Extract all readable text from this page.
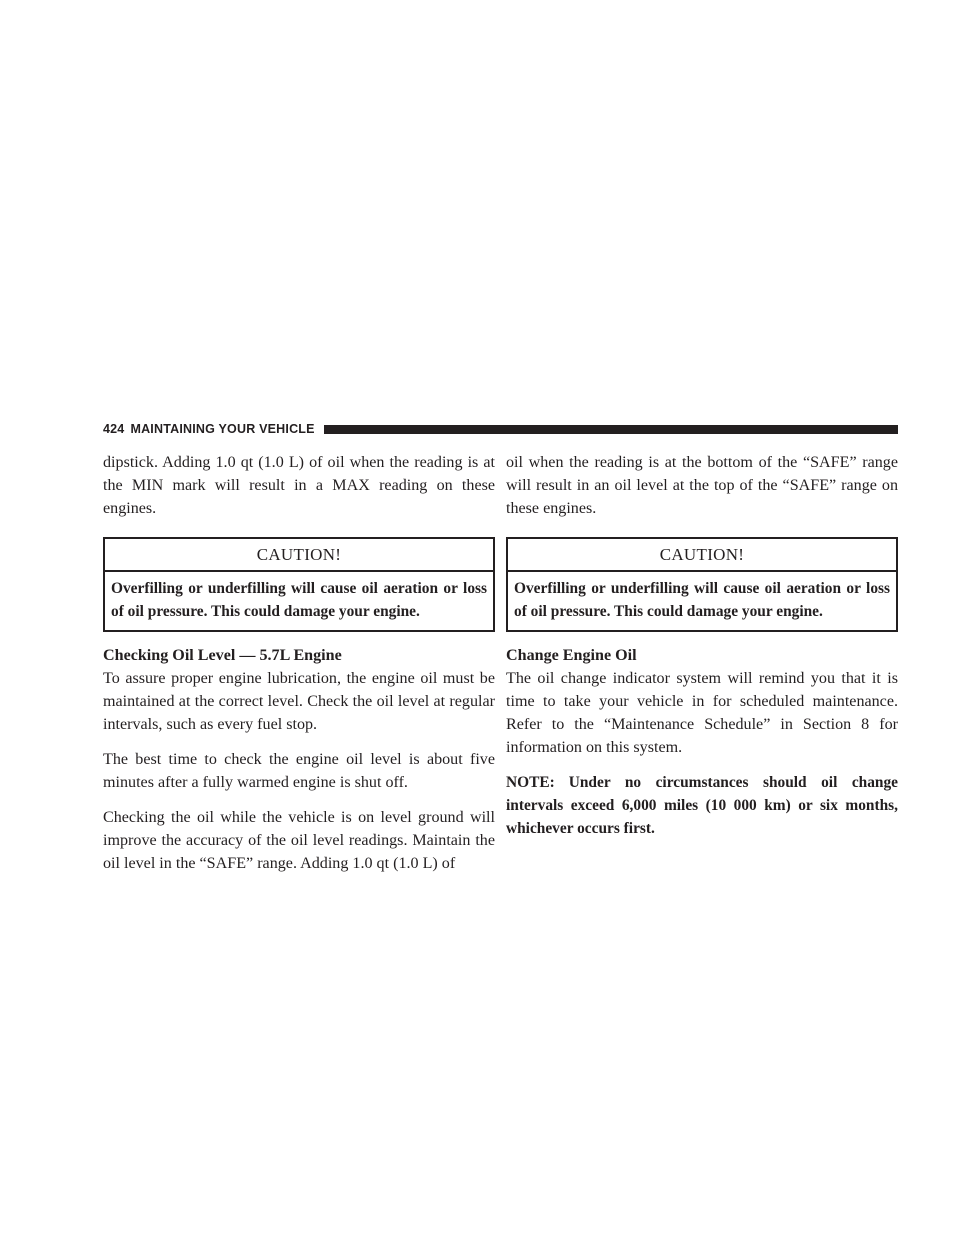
424 MAINTAINING YOUR VEHICLE

dipstick. Adding 1.0 qt (1.0 L) of oil when the reading is at the MIN mark will result in a MAX reading on these engines.

CAUTION!
Overfilling or underfilling will cause oil aeration or loss of oil pressure. This could damage your engine.
Checking Oil Level — 5.7L Engine

To assure proper engine lubrication, the engine oil must be maintained at the correct level. Check the oil level at regular intervals, such as every fuel stop.

The best time to check the engine oil level is about five minutes after a fully warmed engine is shut off.

Checking the oil while the vehicle is on level ground will improve the accuracy of the oil level readings. Maintain the oil level in the “SAFE” range. Adding 1.0 qt (1.0 L) of

oil when the reading is at the bottom of the “SAFE” range will result in an oil level at the top of the “SAFE” range on these engines.

CAUTION!
Overfilling or underfilling will cause oil aeration or loss of oil pressure. This could damage your engine.
Change Engine Oil

The oil change indicator system will remind you that it is time to take your vehicle in for scheduled maintenance. Refer to the “Maintenance Schedule” in Section 8 for information on this system.

NOTE: Under no circumstances should oil change intervals exceed 6,000 miles (10 000 km) or six months, whichever occurs first.
